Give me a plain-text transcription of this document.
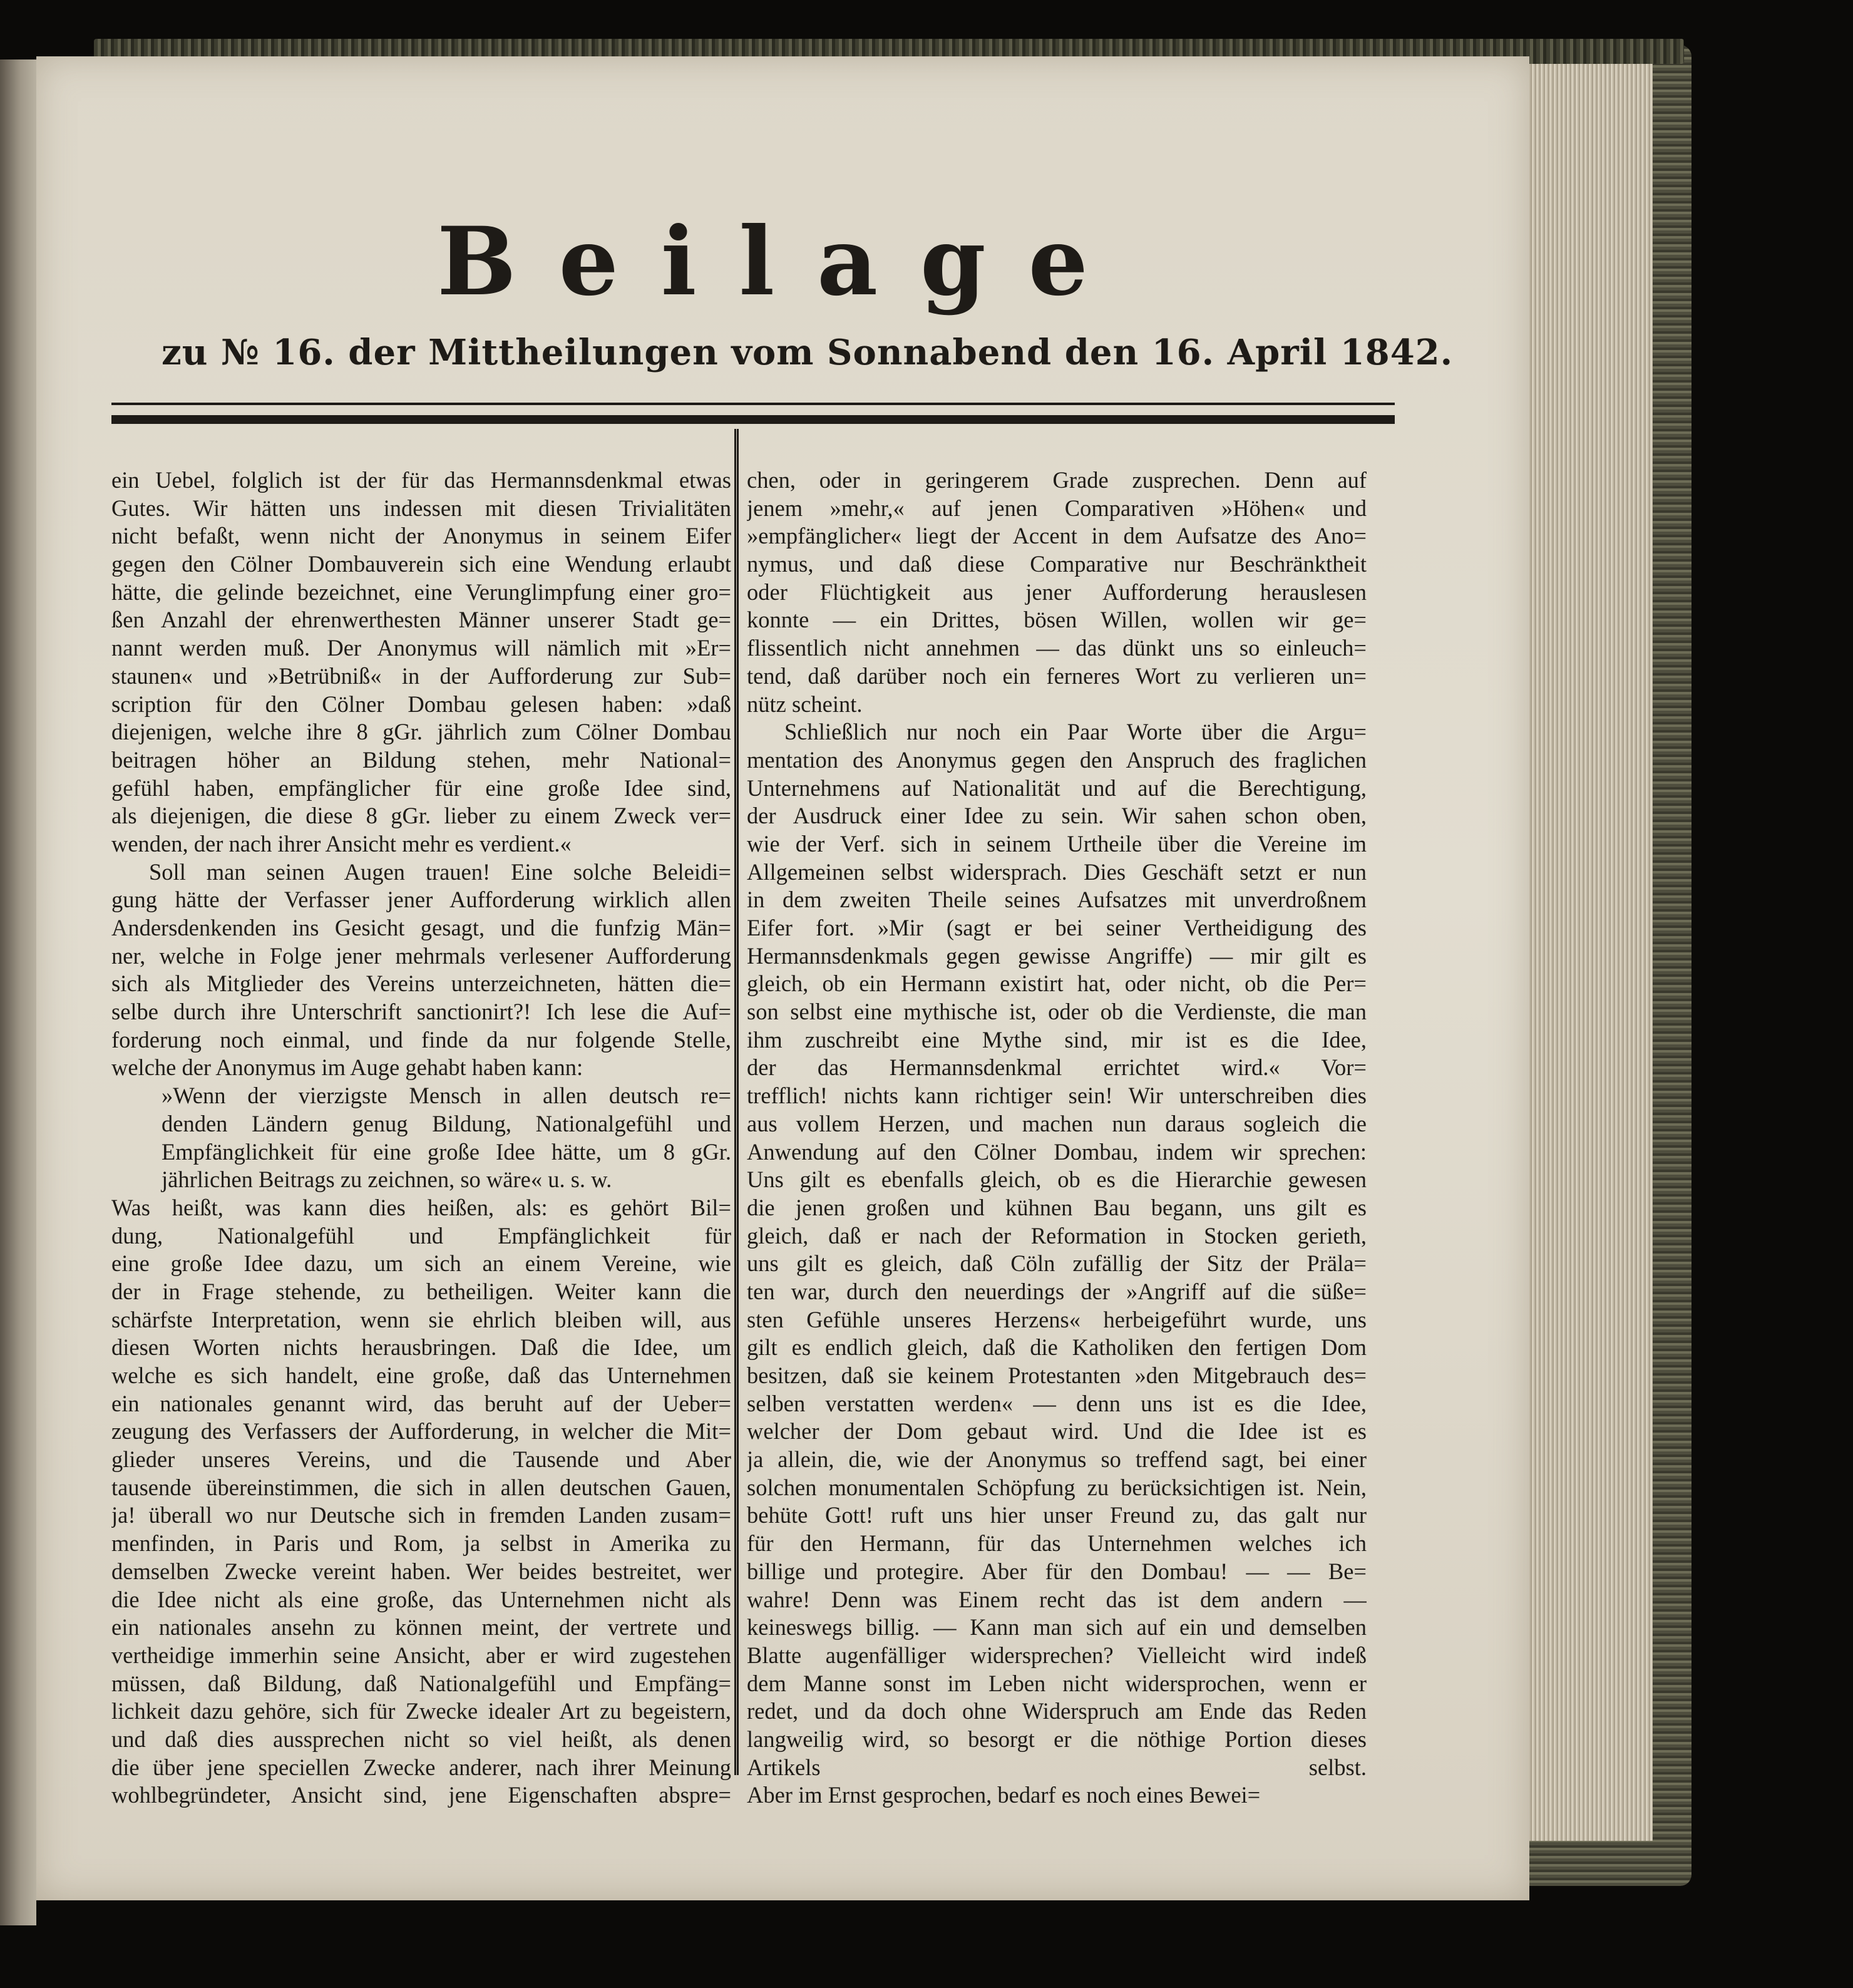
B e i l a g e
zu № 16. der Mittheilungen vom Sonnabend den 16. April 1842.
ein Uebel, folglich ist der für das Hermannsdenkmal etwas
Gutes. Wir hätten uns indessen mit diesen Trivialitäten
nicht befaßt, wenn nicht der Anonymus in seinem Eifer
gegen den Cölner Dombauverein sich eine Wendung erlaubt
hätte, die gelinde bezeichnet, eine Verunglimpfung einer gro=
ßen Anzahl der ehrenwerthesten Männer unserer Stadt ge=
nannt werden muß. Der Anonymus will nämlich mit »Er=
staunen« und »Betrübniß« in der Aufforderung zur Sub=
scription für den Cölner Dombau gelesen haben: »daß
diejenigen, welche ihre 8 gGr. jährlich zum Cölner Dombau
beitragen höher an Bildung stehen, mehr National=
gefühl haben, empfänglicher für eine große Idee sind,
als diejenigen, die diese 8 gGr. lieber zu einem Zweck ver=
wenden, der nach ihrer Ansicht mehr es verdient.«
Soll man seinen Augen trauen! Eine solche Beleidi=
gung hätte der Verfasser jener Aufforderung wirklich allen
Andersdenkenden ins Gesicht gesagt, und die funfzig Män=
ner, welche in Folge jener mehrmals verlesener Aufforderung
sich als Mitglieder des Vereins unterzeichneten, hätten die=
selbe durch ihre Unterschrift sanctionirt?! Ich lese die Auf=
forderung noch einmal, und finde da nur folgende Stelle,
welche der Anonymus im Auge gehabt haben kann:
»Wenn der vierzigste Mensch in allen deutsch re=
denden Ländern genug Bildung, Nationalgefühl und
Empfänglichkeit für eine große Idee hätte, um 8 gGr.
jährlichen Beitrags zu zeichnen, so wäre« u. s. w.
Was heißt, was kann dies heißen, als: es gehört Bil=
dung, Nationalgefühl und Empfänglichkeit für
eine große Idee dazu, um sich an einem Vereine, wie
der in Frage stehende, zu betheiligen. Weiter kann die
schärfste Interpretation, wenn sie ehrlich bleiben will, aus
diesen Worten nichts herausbringen. Daß die Idee, um
welche es sich handelt, eine große, daß das Unternehmen
ein nationales genannt wird, das beruht auf der Ueber=
zeugung des Verfassers der Aufforderung, in welcher die Mit=
glieder unseres Vereins, und die Tausende und Aber
tausende übereinstimmen, die sich in allen deutschen Gauen,
ja! überall wo nur Deutsche sich in fremden Landen zusam=
menfinden, in Paris und Rom, ja selbst in Amerika zu
demselben Zwecke vereint haben. Wer beides bestreitet, wer
die Idee nicht als eine große, das Unternehmen nicht als
ein nationales ansehn zu können meint, der vertrete und
vertheidige immerhin seine Ansicht, aber er wird zugestehen
müssen, daß Bildung, daß Nationalgefühl und Empfäng=
lichkeit dazu gehöre, sich für Zwecke idealer Art zu begeistern,
und daß dies aussprechen nicht so viel heißt, als denen
die über jene speciellen Zwecke anderer, nach ihrer Meinung
wohlbegründeter, Ansicht sind, jene Eigenschaften absprе=
chen, oder in geringerem Grade zusprechen. Denn auf
jenem »mehr,« auf jenen Comparativen »Höhen« und
»empfänglicher« liegt der Accent in dem Aufsatze des Ano=
nymus, und daß diese Comparative nur Beschränktheit
oder Flüchtigkeit aus jener Aufforderung herauslesen
konnte — ein Drittes, bösen Willen, wollen wir ge=
flissentlich nicht annehmen — das dünkt uns so einleuch=
tend, daß darüber noch ein ferneres Wort zu verlieren un=
nütz scheint.
Schließlich nur noch ein Paar Worte über die Argu=
mentation des Anonymus gegen den Anspruch des fraglichen
Unternehmens auf Nationalität und auf die Berechtigung,
der Ausdruck einer Idee zu sein. Wir sahen schon oben,
wie der Verf. sich in seinem Urtheile über die Vereine im
Allgemeinen selbst widersprach. Dies Geschäft setzt er nun
in dem zweiten Theile seines Aufsatzes mit unverdroßnem
Eifer fort. »Mir (sagt er bei seiner Vertheidigung des
Hermannsdenkmals gegen gewisse Angriffe) — mir gilt es
gleich, ob ein Hermann existirt hat, oder nicht, ob die Per=
son selbst eine mythische ist, oder ob die Verdienste, die man
ihm zuschreibt eine Mythe sind, mir ist es die Idee,
der das Hermannsdenkmal errichtet wird.« Vor=
trefflich! nichts kann richtiger sein! Wir unterschreiben dies
aus vollem Herzen, und machen nun daraus sogleich die
Anwendung auf den Cölner Dombau, indem wir sprechen:
Uns gilt es ebenfalls gleich, ob es die Hierarchie gewesen
die jenen großen und kühnen Bau begann, uns gilt es
gleich, daß er nach der Reformation in Stocken gerieth,
uns gilt es gleich, daß Cöln zufällig der Sitz der Präla=
ten war, durch den neuerdings der »Angriff auf die süße=
sten Gefühle unseres Herzens« herbeigeführt wurde, uns
gilt es endlich gleich, daß die Katholiken den fertigen Dom
besitzen, daß sie keinem Protestanten »den Mitgebrauch des=
selben verstatten werden« — denn uns ist es die Idee,
welcher der Dom gebaut wird. Und die Idee ist es
ja allein, die, wie der Anonymus so treffend sagt, bei einer
solchen monumentalen Schöpfung zu berücksichtigen ist. Nein,
behüte Gott! ruft uns hier unser Freund zu, das galt nur
für den Hermann, für das Unternehmen welches ich
billige und protegire. Aber für den Dombau! — — Be=
wahre! Denn was Einem recht das ist dem andern —
keineswegs billig. — Kann man sich auf ein und demselben
Blatte augenfälliger widersprechen? Vielleicht wird indeß
dem Manne sonst im Leben nicht widersprochen, wenn er
redet, und da doch ohne Widerspruch am Ende das Reden
langweilig wird, so besorgt er die nöthige Portion dieses
Artikels selbst.
Aber im Ernst gesprochen, bedarf es noch eines Bewei=
